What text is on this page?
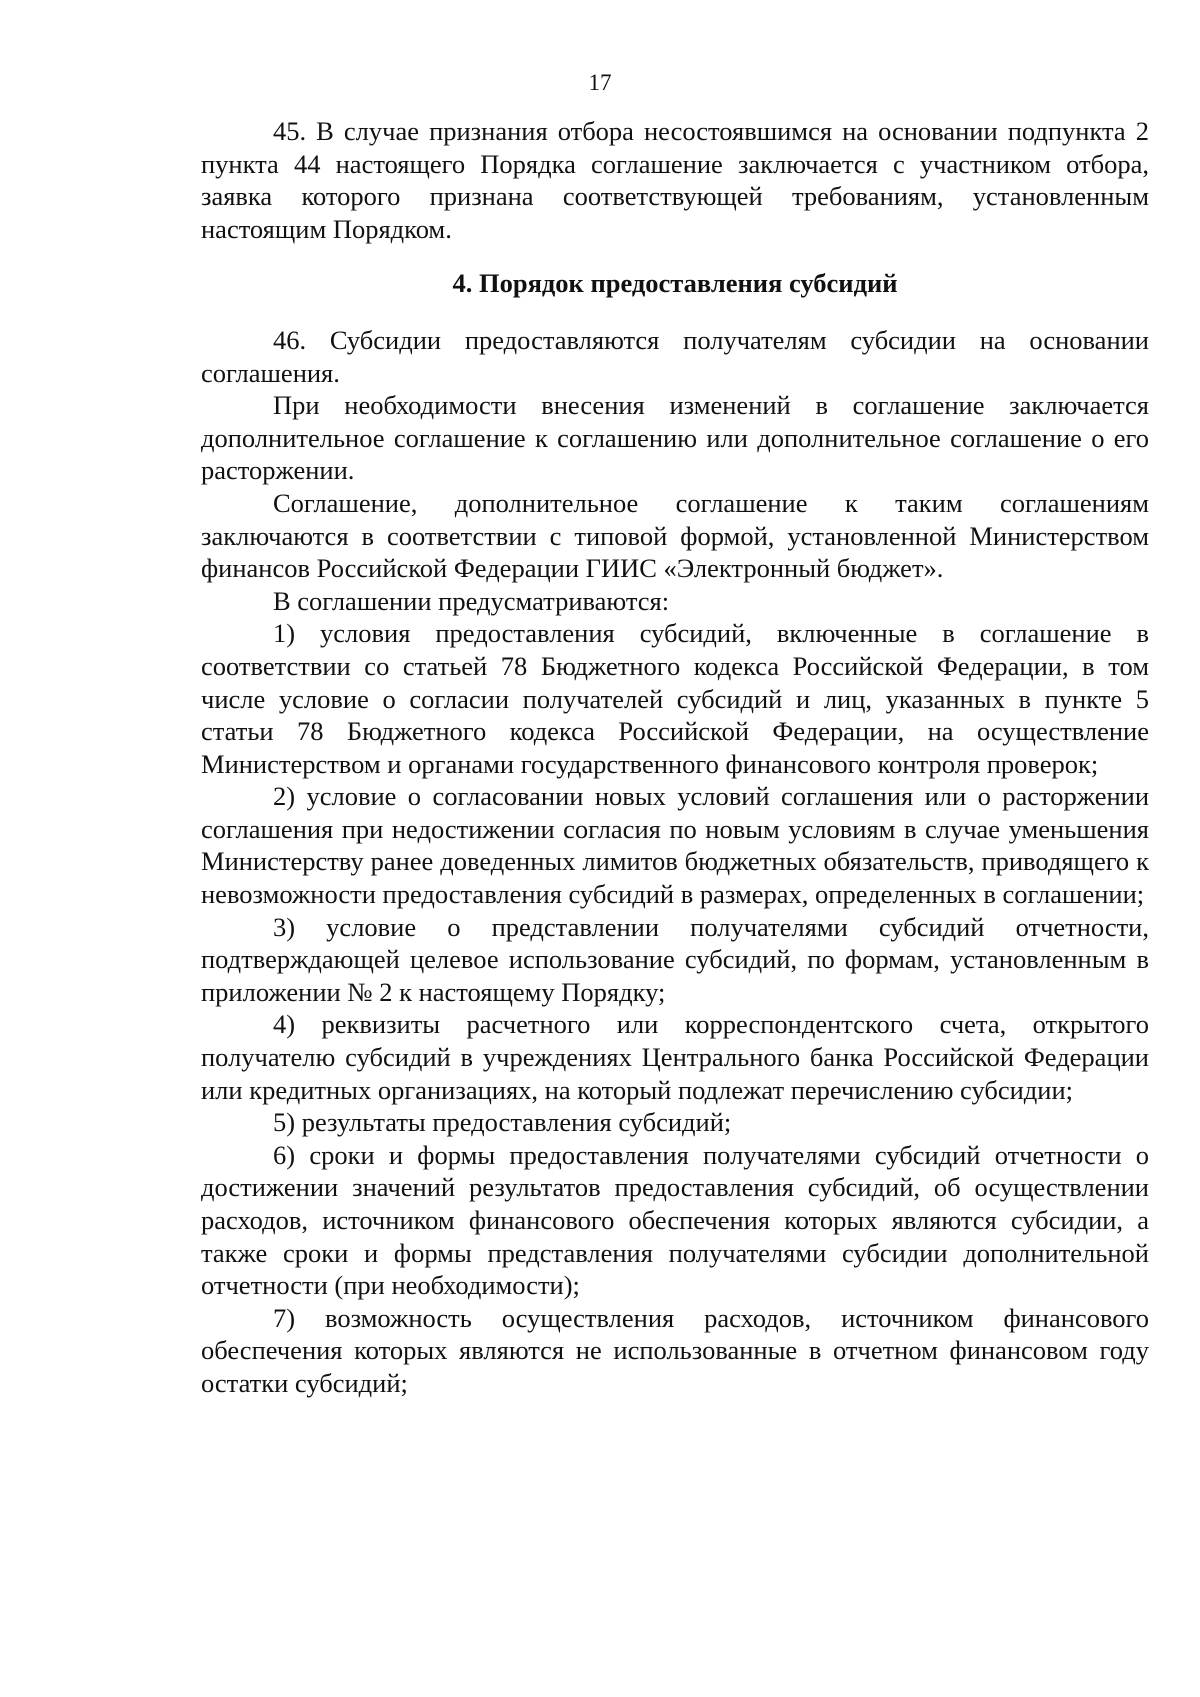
17

45. В случае признания отбора несостоявшимся на основании подпункта 2 пункта 44 настоящего Порядка соглашение заключается с участником отбора, заявка которого признана соответствующей требованиям, установленным настоящим Порядком.

4. Порядок предоставления субсидий

46. Субсидии предоставляются получателям субсидии на основании соглашения.

При необходимости внесения изменений в соглашение заключается дополнительное соглашение к соглашению или дополнительное соглашение о его расторжении.

Соглашение, дополнительное соглашение к таким соглашениям заключаются в соответствии с типовой формой, установленной Министерством финансов Российской Федерации ГИИС «Электронный бюджет».

В соглашении предусматриваются:

1) условия предоставления субсидий, включенные в соглашение в соответствии со статьей 78 Бюджетного кодекса Российской Федерации, в том числе условие о согласии получателей субсидий и лиц, указанных в пункте 5 статьи 78 Бюджетного кодекса Российской Федерации, на осуществление Министерством и органами государственного финансового контроля проверок;

2) условие о согласовании новых условий соглашения или о расторжении соглашения при недостижении согласия по новым условиям в случае уменьшения Министерству ранее доведенных лимитов бюджетных обязательств, приводящего к невозможности предоставления субсидий в размерах, определенных в соглашении;

3) условие о представлении получателями субсидий отчетности, подтверждающей целевое использование субсидий, по формам, установленным в приложении № 2 к настоящему Порядку;

4) реквизиты расчетного или корреспондентского счета, открытого получателю субсидий в учреждениях Центрального банка Российской Федерации или кредитных организациях, на который подлежат перечислению субсидии;

5) результаты предоставления субсидий;

6) сроки и формы предоставления получателями субсидий отчетности о достижении значений результатов предоставления субсидий, об осуществлении расходов, источником финансового обеспечения которых являются субсидии, а также сроки и формы представления получателями субсидии дополнительной отчетности (при необходимости);

7) возможность осуществления расходов, источником финансового обеспечения которых являются не использованные в отчетном финансовом году остатки субсидий;
